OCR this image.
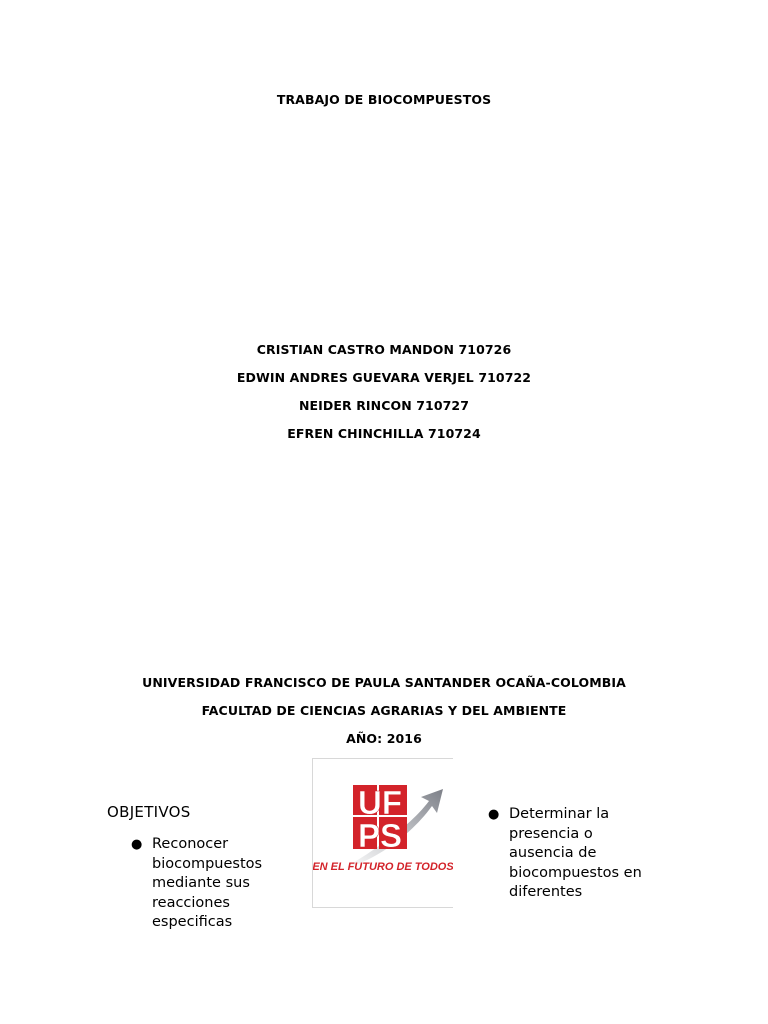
TRABAJO DE BIOCOMPUESTOS
CRISTIAN CASTRO MANDON 710726
EDWIN ANDRES GUEVARA VERJEL 710722
NEIDER RINCON 710727
EFREN CHINCHILLA 710724
UNIVERSIDAD FRANCISCO DE PAULA SANTANDER OCAÑA-COLOMBIA
FACULTAD DE CIENCIAS AGRARIAS Y DEL AMBIENTE
AÑO: 2016
OBJETIVOS
● Reconocer biocompuestos mediante sus reacciones especificas
● Determinar la presencia o ausencia de biocompuestos en diferentes
UF
PS
EN EL FUTURO DE TODOS
